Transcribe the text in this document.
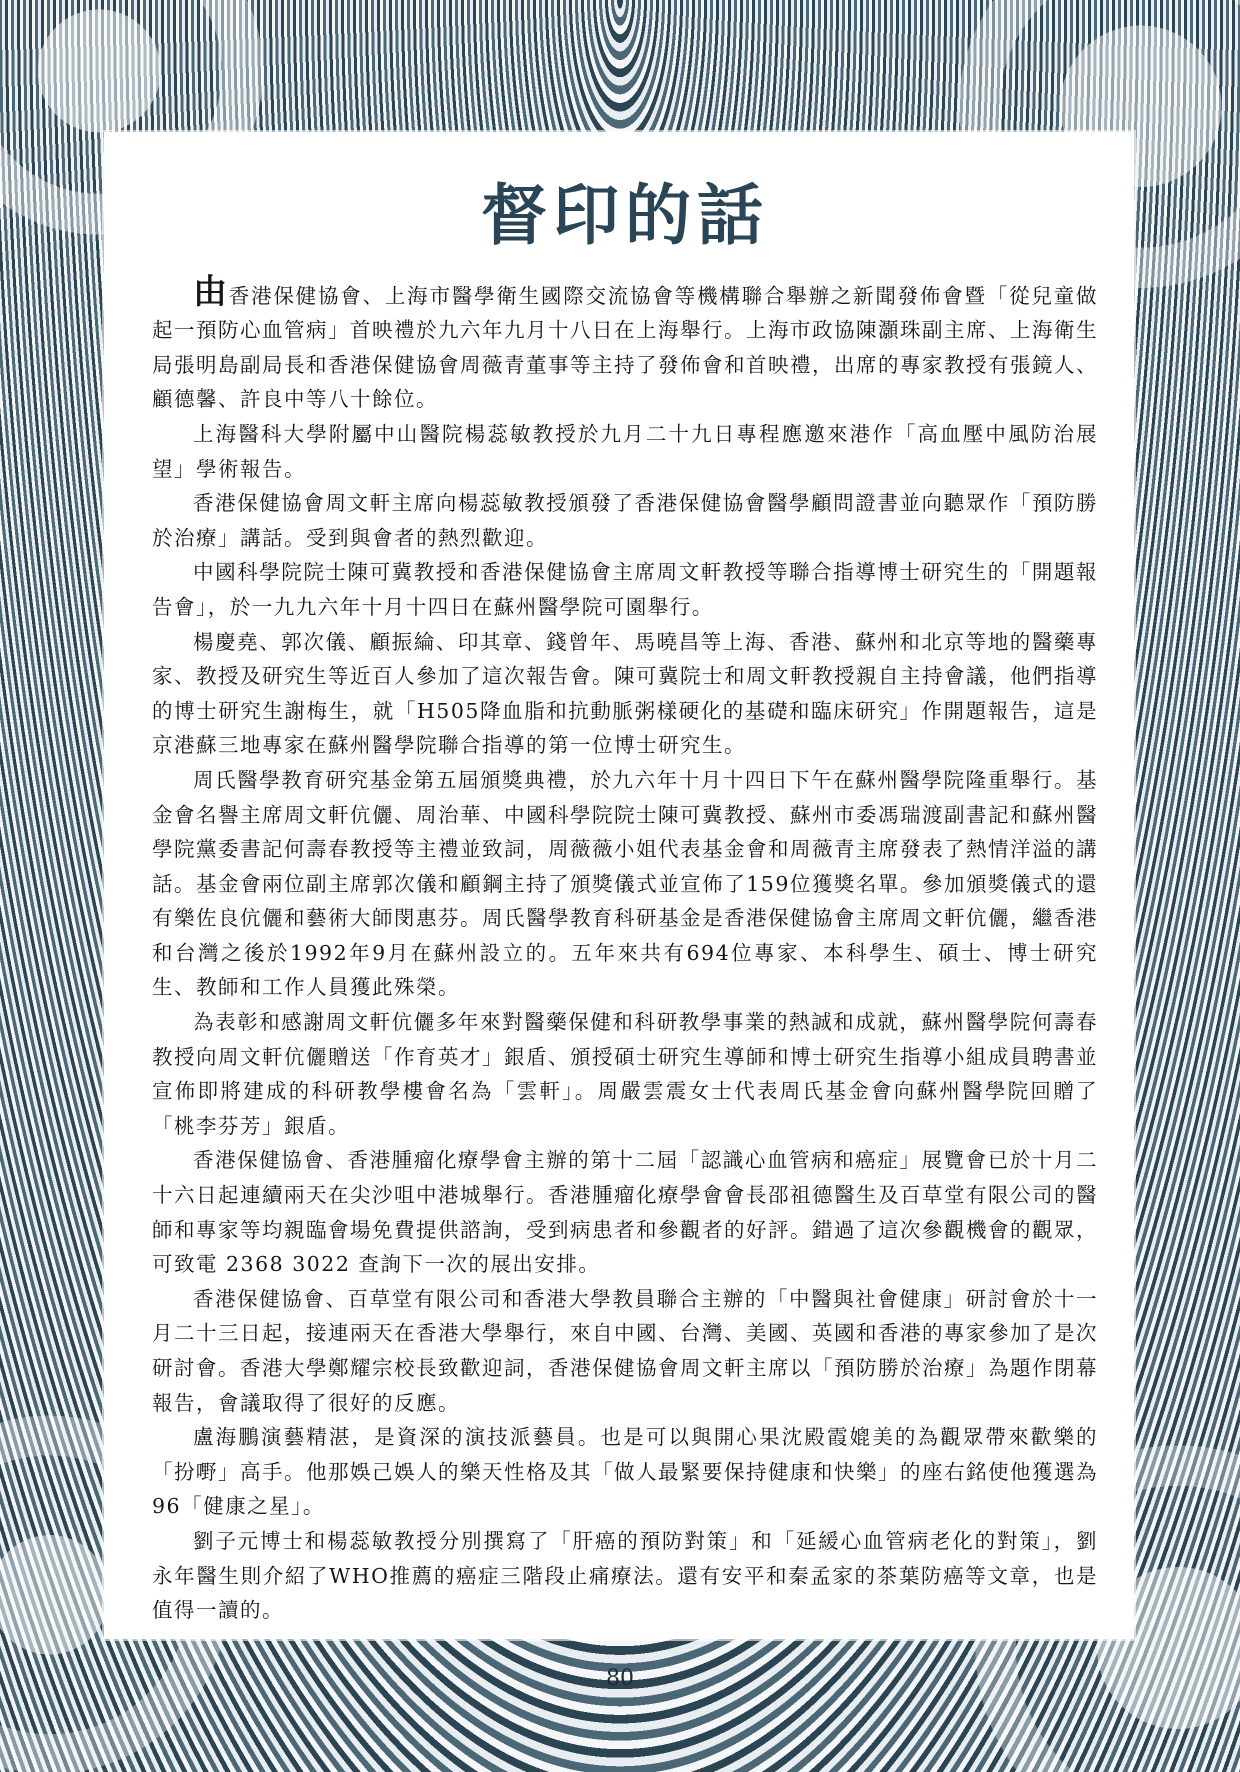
督印的話

由香港保健協會、上海市醫學衛生國際交流協會等機構聯合舉辦之新聞發佈會暨「從兒童做起一預防心血管病」首映禮於九六年九月十八日在上海舉行。上海市政協陳灝珠副主席、上海衛生局張明島副局長和香港保健協會周薇青董事等主持了發佈會和首映禮，出席的專家教授有張鏡人、顧德馨、許良中等八十餘位。

上海醫科大學附屬中山醫院楊蕊敏教授於九月二十九日專程應邀來港作「高血壓中風防治展望」學術報告。

香港保健協會周文軒主席向楊蕊敏教授頒發了香港保健協會醫學顧問證書並向聽眾作「預防勝於治療」講話。受到與會者的熱烈歡迎。

中國科學院院士陳可冀教授和香港保健協會主席周文軒教授等聯合指導博士研究生的「開題報告會」，於一九九六年十月十四日在蘇州醫學院可園舉行。

楊慶堯、郭次儀、顧振綸、印其章、錢曾年、馬曉昌等上海、香港、蘇州和北京等地的醫藥專家、教授及研究生等近百人參加了這次報告會。陳可冀院士和周文軒教授親自主持會議，他們指導的博士研究生謝梅生，就「H505降血脂和抗動脈粥樣硬化的基礎和臨床研究」作開題報告，這是京港蘇三地專家在蘇州醫學院聯合指導的第一位博士研究生。

周氏醫學教育研究基金第五屆頒獎典禮，於九六年十月十四日下午在蘇州醫學院隆重舉行。基金會名譽主席周文軒伉儷、周治華、中國科學院院士陳可冀教授、蘇州市委馮瑞渡副書記和蘇州醫學院黨委書記何壽春教授等主禮並致詞，周薇薇小姐代表基金會和周薇青主席發表了熱情洋溢的講話。基金會兩位副主席郭次儀和顧鋼主持了頒獎儀式並宣佈了159位獲獎名單。參加頒獎儀式的還有樂佐良伉儷和藝術大師閔惠芬。周氏醫學教育科研基金是香港保健協會主席周文軒伉儷，繼香港和台灣之後於1992年9月在蘇州設立的。五年來共有694位專家、本科學生、碩士、博士研究生、教師和工作人員獲此殊榮。

為表彰和感謝周文軒伉儷多年來對醫藥保健和科研教學事業的熱誠和成就，蘇州醫學院何壽春教授向周文軒伉儷贈送「作育英才」銀盾、頒授碩士研究生導師和博士研究生指導小組成員聘書並宣佈即將建成的科研教學樓會名為「雲軒」。周嚴雲震女士代表周氏基金會向蘇州醫學院回贈了「桃李芬芳」銀盾。

香港保健協會、香港腫瘤化療學會主辦的第十二屆「認識心血管病和癌症」展覽會已於十月二十六日起連續兩天在尖沙咀中港城舉行。香港腫瘤化療學會會長邵祖德醫生及百草堂有限公司的醫師和專家等均親臨會場免費提供諮詢，受到病患者和參觀者的好評。錯過了這次參觀機會的觀眾，可致電 2368 3022 查詢下一次的展出安排。

香港保健協會、百草堂有限公司和香港大學教員聯合主辦的「中醫與社會健康」研討會於十一月二十三日起，接連兩天在香港大學舉行，來自中國、台灣、美國、英國和香港的專家參加了是次研討會。香港大學鄭耀宗校長致歡迎詞，香港保健協會周文軒主席以「預防勝於治療」為題作閉幕報告，會議取得了很好的反應。

盧海鵬演藝精湛，是資深的演技派藝員。也是可以與開心果沈殿霞媲美的為觀眾帶來歡樂的「扮嘢」高手。他那娛己娛人的樂天性格及其「做人最緊要保持健康和快樂」的座右銘使他獲選為96「健康之星」。

劉子元博士和楊蕊敏教授分別撰寫了「肝癌的預防對策」和「延緩心血管病老化的對策」，劉永年醫生則介紹了WHO推薦的癌症三階段止痛療法。還有安平和秦孟家的茶葉防癌等文章，也是值得一讀的。

80
